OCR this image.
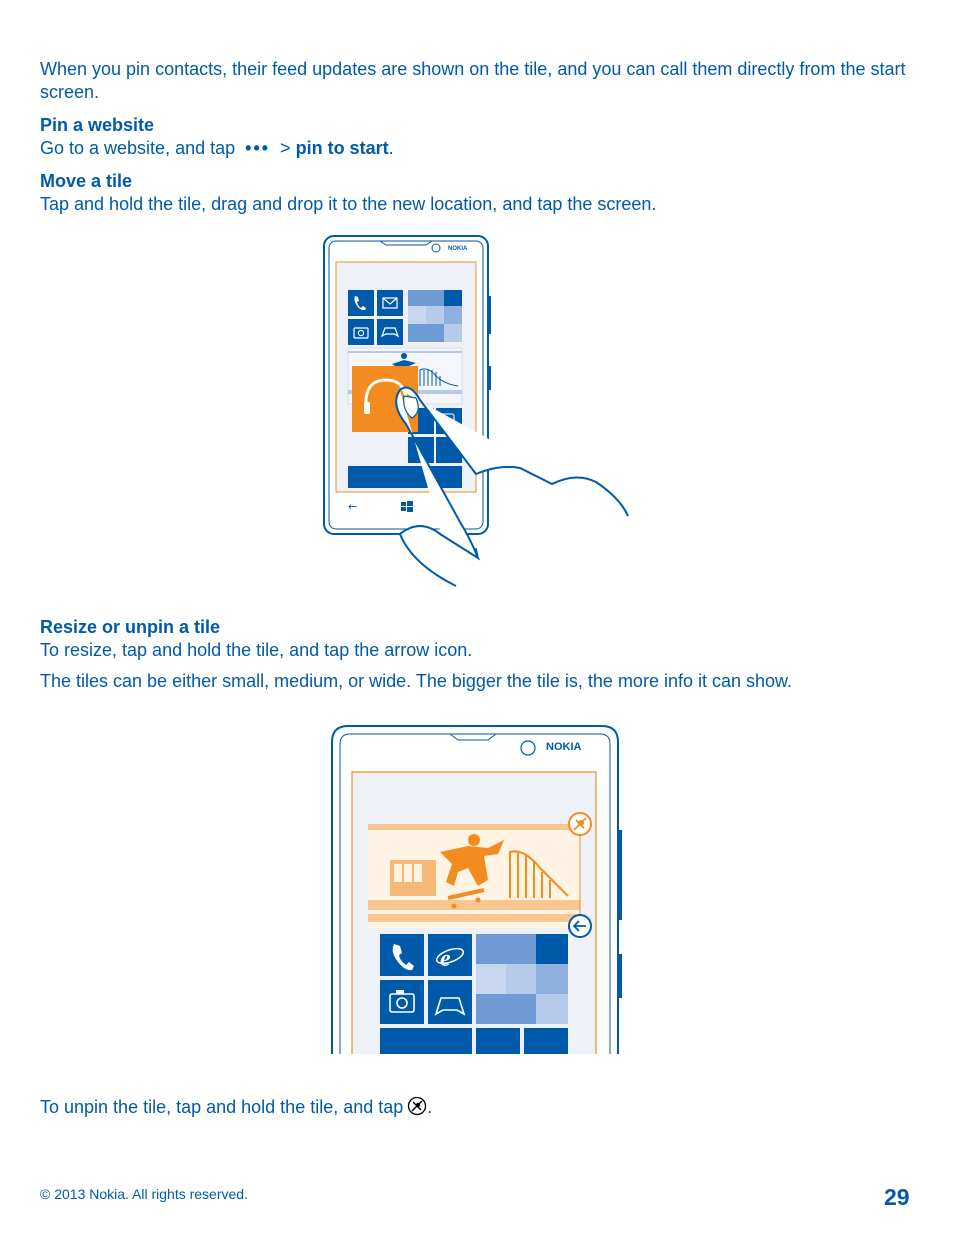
When you pin contacts, their feed updates are shown on the tile, and you can call them directly from the start screen.

Pin a website

Go to a website, and tap ••• > pin to start.

Move a tile

Tap and hold the tile, drag and drop it to the new location, and tap the screen.

NOKIA
←

Resize or unpin a tile

To resize, tap and hold the tile, and tap the arrow icon.

The tiles can be either small, medium, or wide. The bigger the tile is, the more info it can show.

NOKIA
e

To unpin the tile, tap and hold the tile, and tap .

© 2013 Nokia. All rights reserved.	29
